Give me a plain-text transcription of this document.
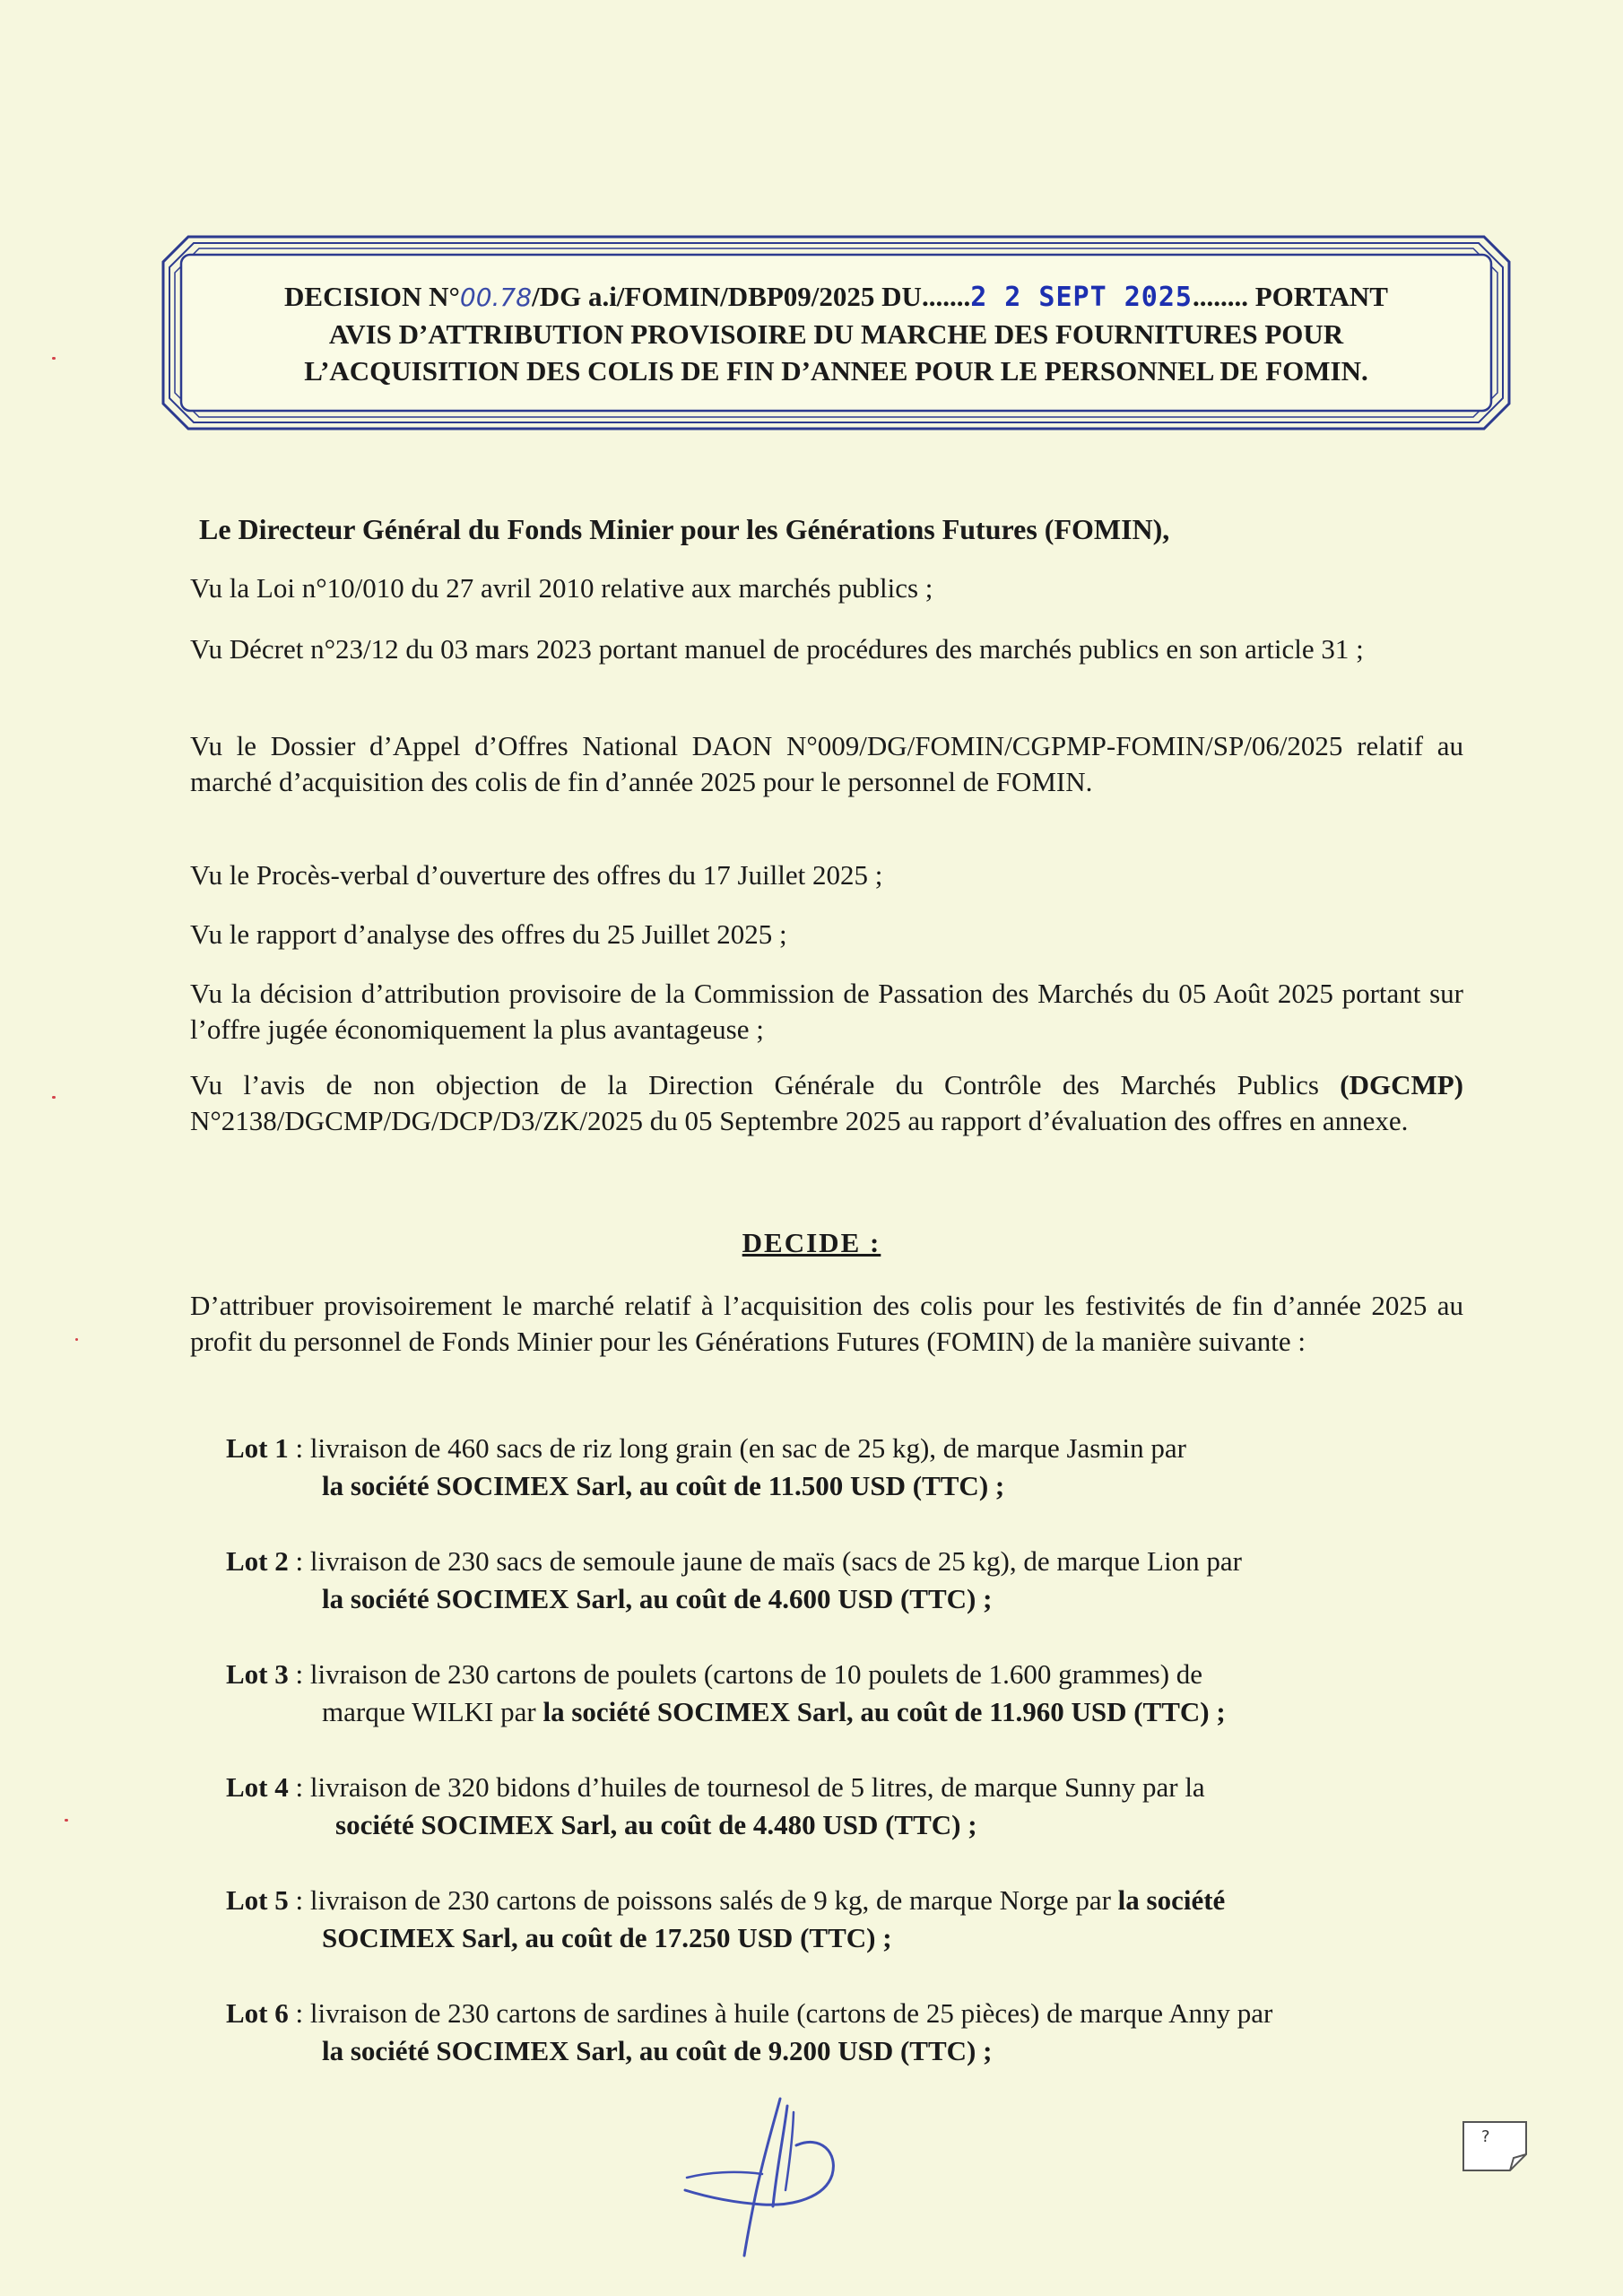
DECISION N°00.78/DG a.i/FOMIN/DBP09/2025 DU.......2 2 SEPT 2025........ PORTANT
AVIS D’ATTRIBUTION PROVISOIRE DU MARCHE DES FOURNITURES POUR
L’ACQUISITION DES COLIS DE FIN D’ANNEE POUR LE PERSONNEL DE FOMIN.
Le Directeur Général du Fonds Minier pour les Générations Futures (FOMIN),
Vu la Loi n°10/010 du 27 avril 2010 relative aux marchés publics ;
Vu Décret n°23/12 du 03 mars 2023 portant manuel de procédures des marchés publics en son article 31 ;
Vu le Dossier d’Appel d’Offres National DAON N°009/DG/FOMIN/CGPMP-FOMIN/SP/06/2025 relatif au marché d’acquisition des colis de fin d’année 2025 pour le personnel de FOMIN.
Vu le Procès-verbal d’ouverture des offres du 17 Juillet 2025 ;
Vu le rapport d’analyse des offres du 25 Juillet 2025 ;
Vu la décision d’attribution provisoire de la Commission de Passation des Marchés du 05 Août 2025 portant sur l’offre jugée économiquement la plus avantageuse ;
Vu l’avis de non objection de la Direction Générale du Contrôle des Marchés Publics (DGCMP) N°2138/DGCMP/DG/DCP/D3/ZK/2025 du 05 Septembre 2025 au rapport d’évaluation des offres en annexe.
DECIDE :
D’attribuer provisoirement le marché relatif à l’acquisition des colis pour les festivités de fin d’année 2025 au profit du personnel de Fonds Minier pour les Générations Futures (FOMIN) de la manière suivante :
Lot 1 : livraison de 460 sacs de riz long grain (en sac de 25 kg), de marque Jasmin par
la société SOCIMEX Sarl, au coût de 11.500 USD (TTC) ;
Lot 2 : livraison de 230 sacs de semoule jaune de maïs (sacs de 25 kg), de marque Lion par
la société SOCIMEX Sarl, au coût de 4.600 USD (TTC) ;
Lot 3 : livraison de 230 cartons de poulets (cartons de 10 poulets de 1.600 grammes) de
marque WILKI par la société SOCIMEX Sarl, au coût de 11.960 USD (TTC) ;
Lot 4 : livraison de 320 bidons d’huiles de tournesol de 5 litres, de marque Sunny par la
société SOCIMEX Sarl, au coût de 4.480 USD (TTC) ;
Lot 5 : livraison de 230 cartons de poissons salés de 9 kg, de marque Norge par la société
SOCIMEX Sarl, au coût de 17.250 USD (TTC) ;
Lot 6 : livraison de 230 cartons de sardines à huile (cartons de 25 pièces) de marque Anny par
la société SOCIMEX Sarl, au coût de 9.200 USD (TTC) ;
?
